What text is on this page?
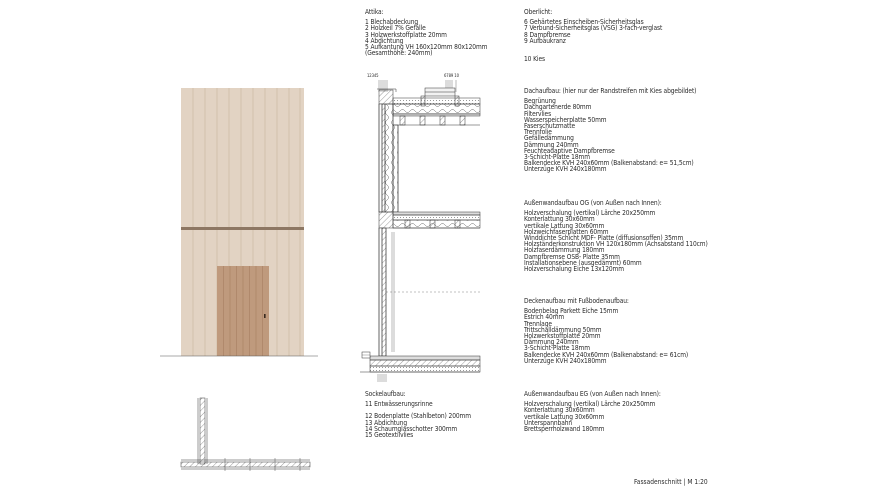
12345	6789 10
Attika:
1 Blechabdeckung
2 Holzkeil 7% Gefälle
3 Holzwerkstoffplatte 20mm
4 Abdichtung
5 Aufkantung VH 160x120mm 80x120mm
(Gesamthöhe: 240mm)
Oberlicht:
6 Gehärtetes Einscheiben-Sicherheitsglas
7 Verbund-Sicherheitsglas (VSG) 3-fach-verglast
8 Dampfbremse
9 Aufbaukranz
10 Kies
Dachaufbau: (hier nur der Randstreifen mit Kies abgebildet)
Begrünung
Dachgartenerde 80mm
Filtervlies
Wasserspeicherplatte 50mm
Faserschutzmatte
Trennfolie
Gefälledämmung
Dämmung 240mm
Feuchteadaptive Dampfbremse
3-Schicht-Platte 18mm
Balkendecke KVH 240x60mm (Balkenabstand: e= 51,5cm)
Unterzüge KVH 240x180mm
Außenwandaufbau OG (von Außen nach Innen):
Holzverschalung (vertikal) Lärche 20x250mm
Konterlattung 30x60mm
vertikale Lattung 30x60mm
Holzweichfaserplatten 60mm
Winddichte Schicht MDF- Platte (diffusionsoffen) 35mm
Holzständerkonstruktion VH 120x180mm (Achsabstand 110cm)
Holzfaserdämmung 180mm
Dampfbremse OSB- Platte 35mm
Installationsebene (ausgedämmt) 60mm
Holzverschalung Eiche 13x120mm
Deckenaufbau mit Fußbodenaufbau:
Bodenbelag Parkett Eiche 15mm
Estrich 40mm
Trennlage
Trittschalldämmung 50mm
Holzwerkstoffplatte 20mm
Dämmung 240mm
3-Schicht-Platte 18mm
Balkendecke KVH 240x60mm (Balkenabstand: e= 61cm)
Unterzüge KVH 240x180mm
Sockelaufbau:
11 Entwässerungsrinne
12 Bodenplatte (Stahlbeton) 200mm
13 Abdichtung
14 Schaumglasschotter 300mm
15 Geotextilvlies
Außenwandaufbau EG (von Außen nach Innen):
Holzverschalung (vertikal) Lärche 20x250mm
Konterlattung 30x60mm
vertikale Lattung 30x60mm
Unterspannbahn
Brettsperrholzwand 180mm
Fassadenschnitt | M 1:20
